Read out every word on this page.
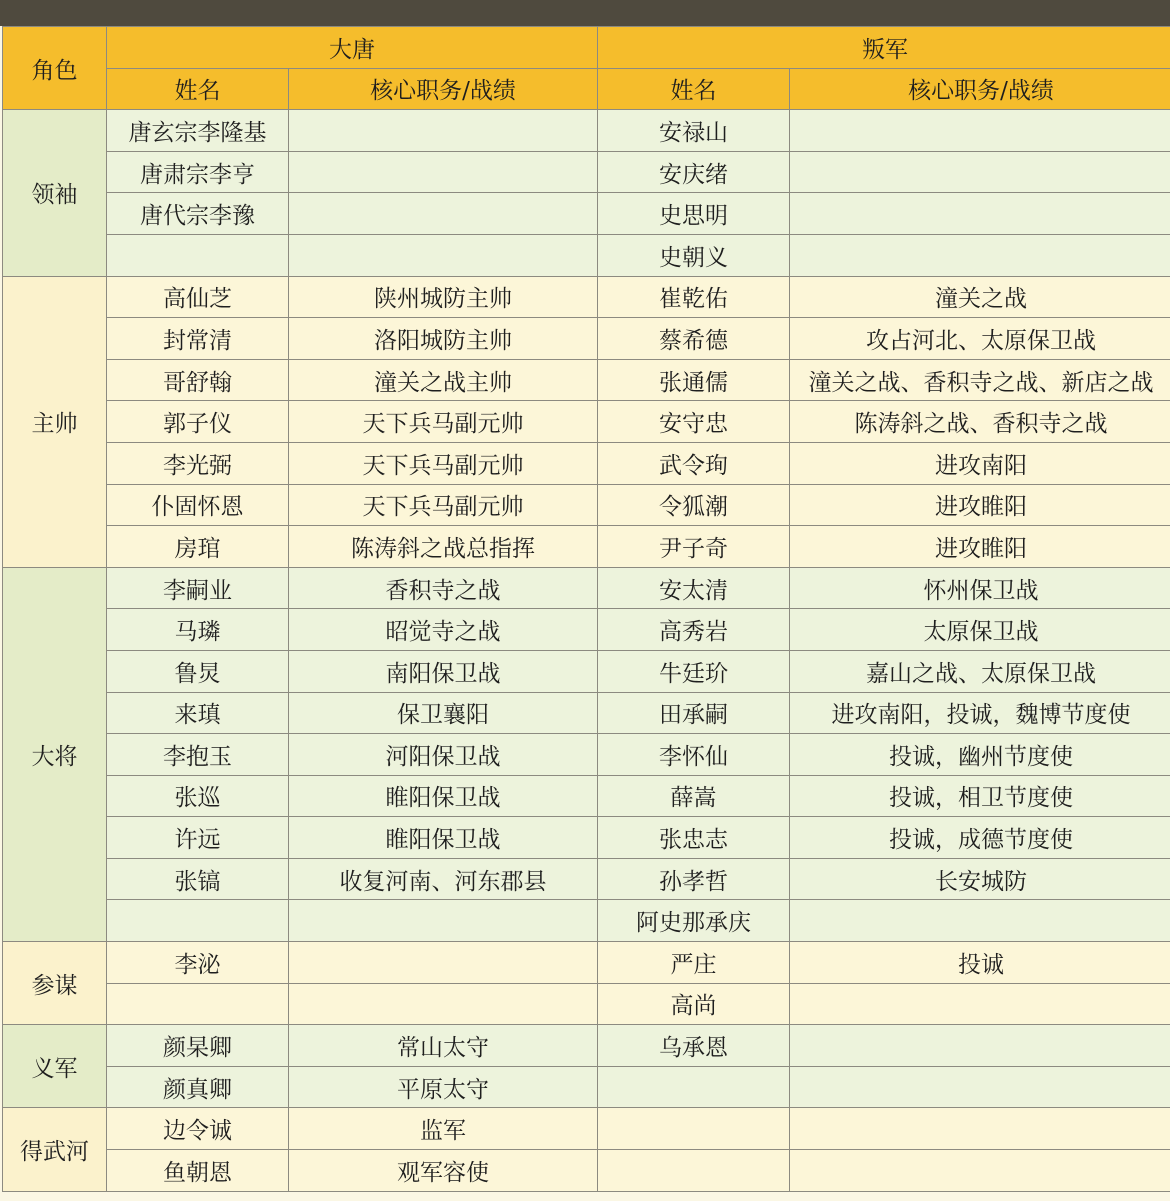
角色	大唐		叛军	
	姓名	核心职务/战绩	姓名	核心职务/战绩
领袖	唐玄宗李隆基		安禄山	
	唐肃宗李亨		安庆绪	
	唐代宗李豫		史思明	
			史朝义	
主帅	高仙芝	陕州城防主帅	崔乾佑	潼关之战
	封常清	洛阳城防主帅	蔡希德	攻占河北、太原保卫战
	哥舒翰	潼关之战主帅	张通儒	潼关之战、香积寺之战、新店之战
	郭子仪	天下兵马副元帅	安守忠	陈涛斜之战、香积寺之战
	李光弼	天下兵马副元帅	武令珣	进攻南阳
	仆固怀恩	天下兵马副元帅	令狐潮	进攻睢阳
	房琯	陈涛斜之战总指挥	尹子奇	进攻睢阳
大将	李嗣业	香积寺之战	安太清	怀州保卫战
	马璘	昭觉寺之战	高秀岩	太原保卫战
	鲁炅	南阳保卫战	牛廷玠	嘉山之战、太原保卫战
	来瑱	保卫襄阳	田承嗣	进攻南阳，投诚，魏博节度使
	李抱玉	河阳保卫战	李怀仙	投诚，幽州节度使
	张巡	睢阳保卫战	薛嵩	投诚，相卫节度使
	许远	睢阳保卫战	张忠志	投诚，成德节度使
	张镐	收复河南、河东郡县	孙孝哲	长安城防
			阿史那承庆	
参谋	李泌		严庄	投诚
			高尚	
义军	颜杲卿	常山太守	乌承恩	
	颜真卿	平原太守		
得武河	边令诚	监军		
	鱼朝恩	观军容使		
